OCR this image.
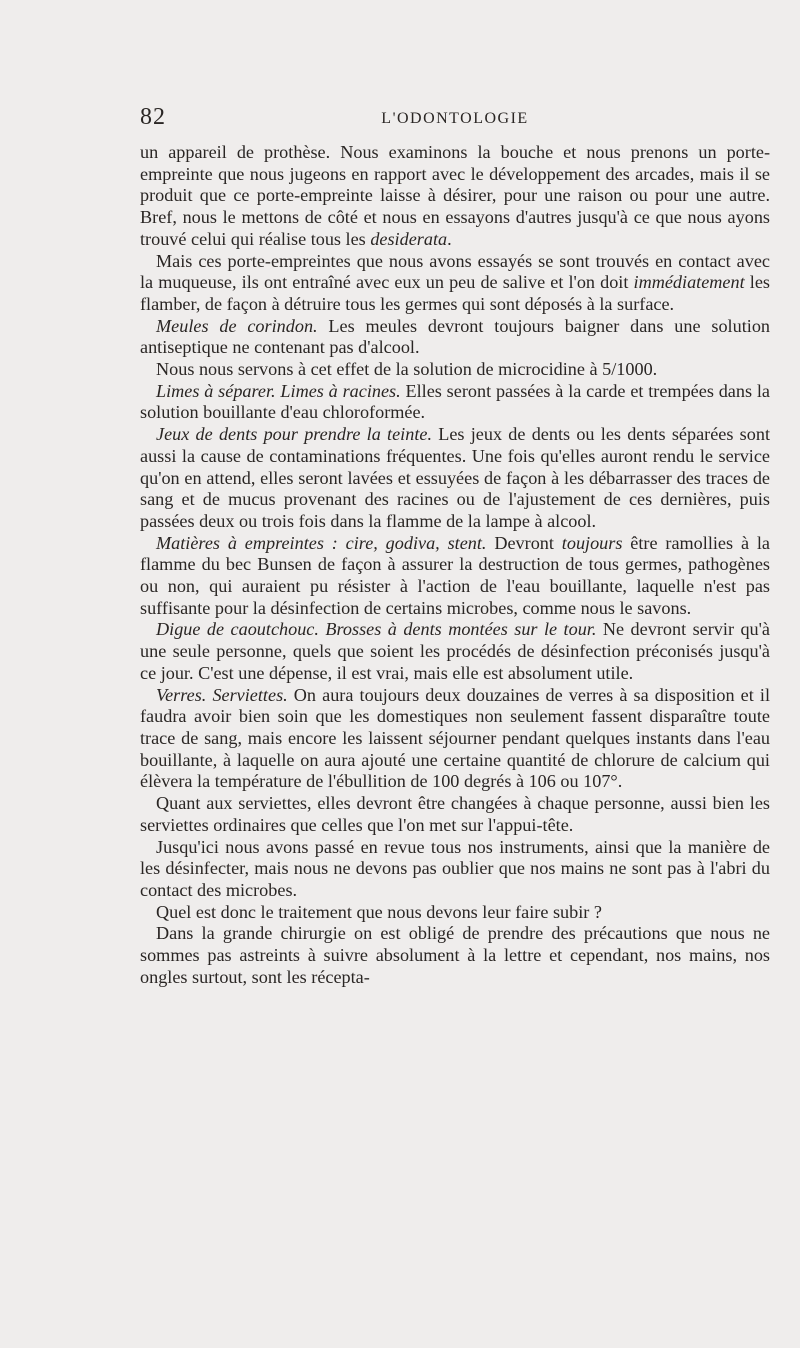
82	L'ODONTOLOGIE

un appareil de prothèse. Nous examinons la bouche et nous prenons un porte-empreinte que nous jugeons en rapport avec le développement des arcades, mais il se produit que ce porte-empreinte laisse à désirer, pour une raison ou pour une autre. Bref, nous le mettons de côté et nous en essayons d'autres jusqu'à ce que nous ayons trouvé celui qui réalise tous les desiderata.

Mais ces porte-empreintes que nous avons essayés se sont trouvés en contact avec la muqueuse, ils ont entraîné avec eux un peu de salive et l'on doit immédiatement les flamber, de façon à détruire tous les germes qui sont déposés à la surface.

Meules de corindon. Les meules devront toujours baigner dans une solution antiseptique ne contenant pas d'alcool.

Nous nous servons à cet effet de la solution de microcidine à 5/1000.

Limes à séparer. Limes à racines. Elles seront passées à la carde et trempées dans la solution bouillante d'eau chloroformée.

Jeux de dents pour prendre la teinte. Les jeux de dents ou les dents séparées sont aussi la cause de contaminations fréquentes. Une fois qu'elles auront rendu le service qu'on en attend, elles seront lavées et essuyées de façon à les débarrasser des traces de sang et de mucus provenant des racines ou de l'ajustement de ces dernières, puis passées deux ou trois fois dans la flamme de la lampe à alcool.

Matières à empreintes : cire, godiva, stent. Devront toujours être ramollies à la flamme du bec Bunsen de façon à assurer la destruction de tous germes, pathogènes ou non, qui auraient pu résister à l'action de l'eau bouillante, laquelle n'est pas suffisante pour la désinfection de certains microbes, comme nous le savons.

Digue de caoutchouc. Brosses à dents montées sur le tour. Ne devront servir qu'à une seule personne, quels que soient les procédés de désinfection préconisés jusqu'à ce jour. C'est une dépense, il est vrai, mais elle est absolument utile.

Verres. Serviettes. On aura toujours deux douzaines de verres à sa disposition et il faudra avoir bien soin que les domestiques non seulement fassent disparaître toute trace de sang, mais encore les laissent séjourner pendant quelques instants dans l'eau bouillante, à laquelle on aura ajouté une certaine quantité de chlorure de calcium qui élèvera la température de l'ébullition de 100 degrés à 106 ou 107°.

Quant aux serviettes, elles devront être changées à chaque personne, aussi bien les serviettes ordinaires que celles que l'on met sur l'appui-tête.

Jusqu'ici nous avons passé en revue tous nos instruments, ainsi que la manière de les désinfecter, mais nous ne devons pas oublier que nos mains ne sont pas à l'abri du contact des microbes.

Quel est donc le traitement que nous devons leur faire subir ?

Dans la grande chirurgie on est obligé de prendre des précautions que nous ne sommes pas astreints à suivre absolument à la lettre et cependant, nos mains, nos ongles surtout, sont les récepta-
